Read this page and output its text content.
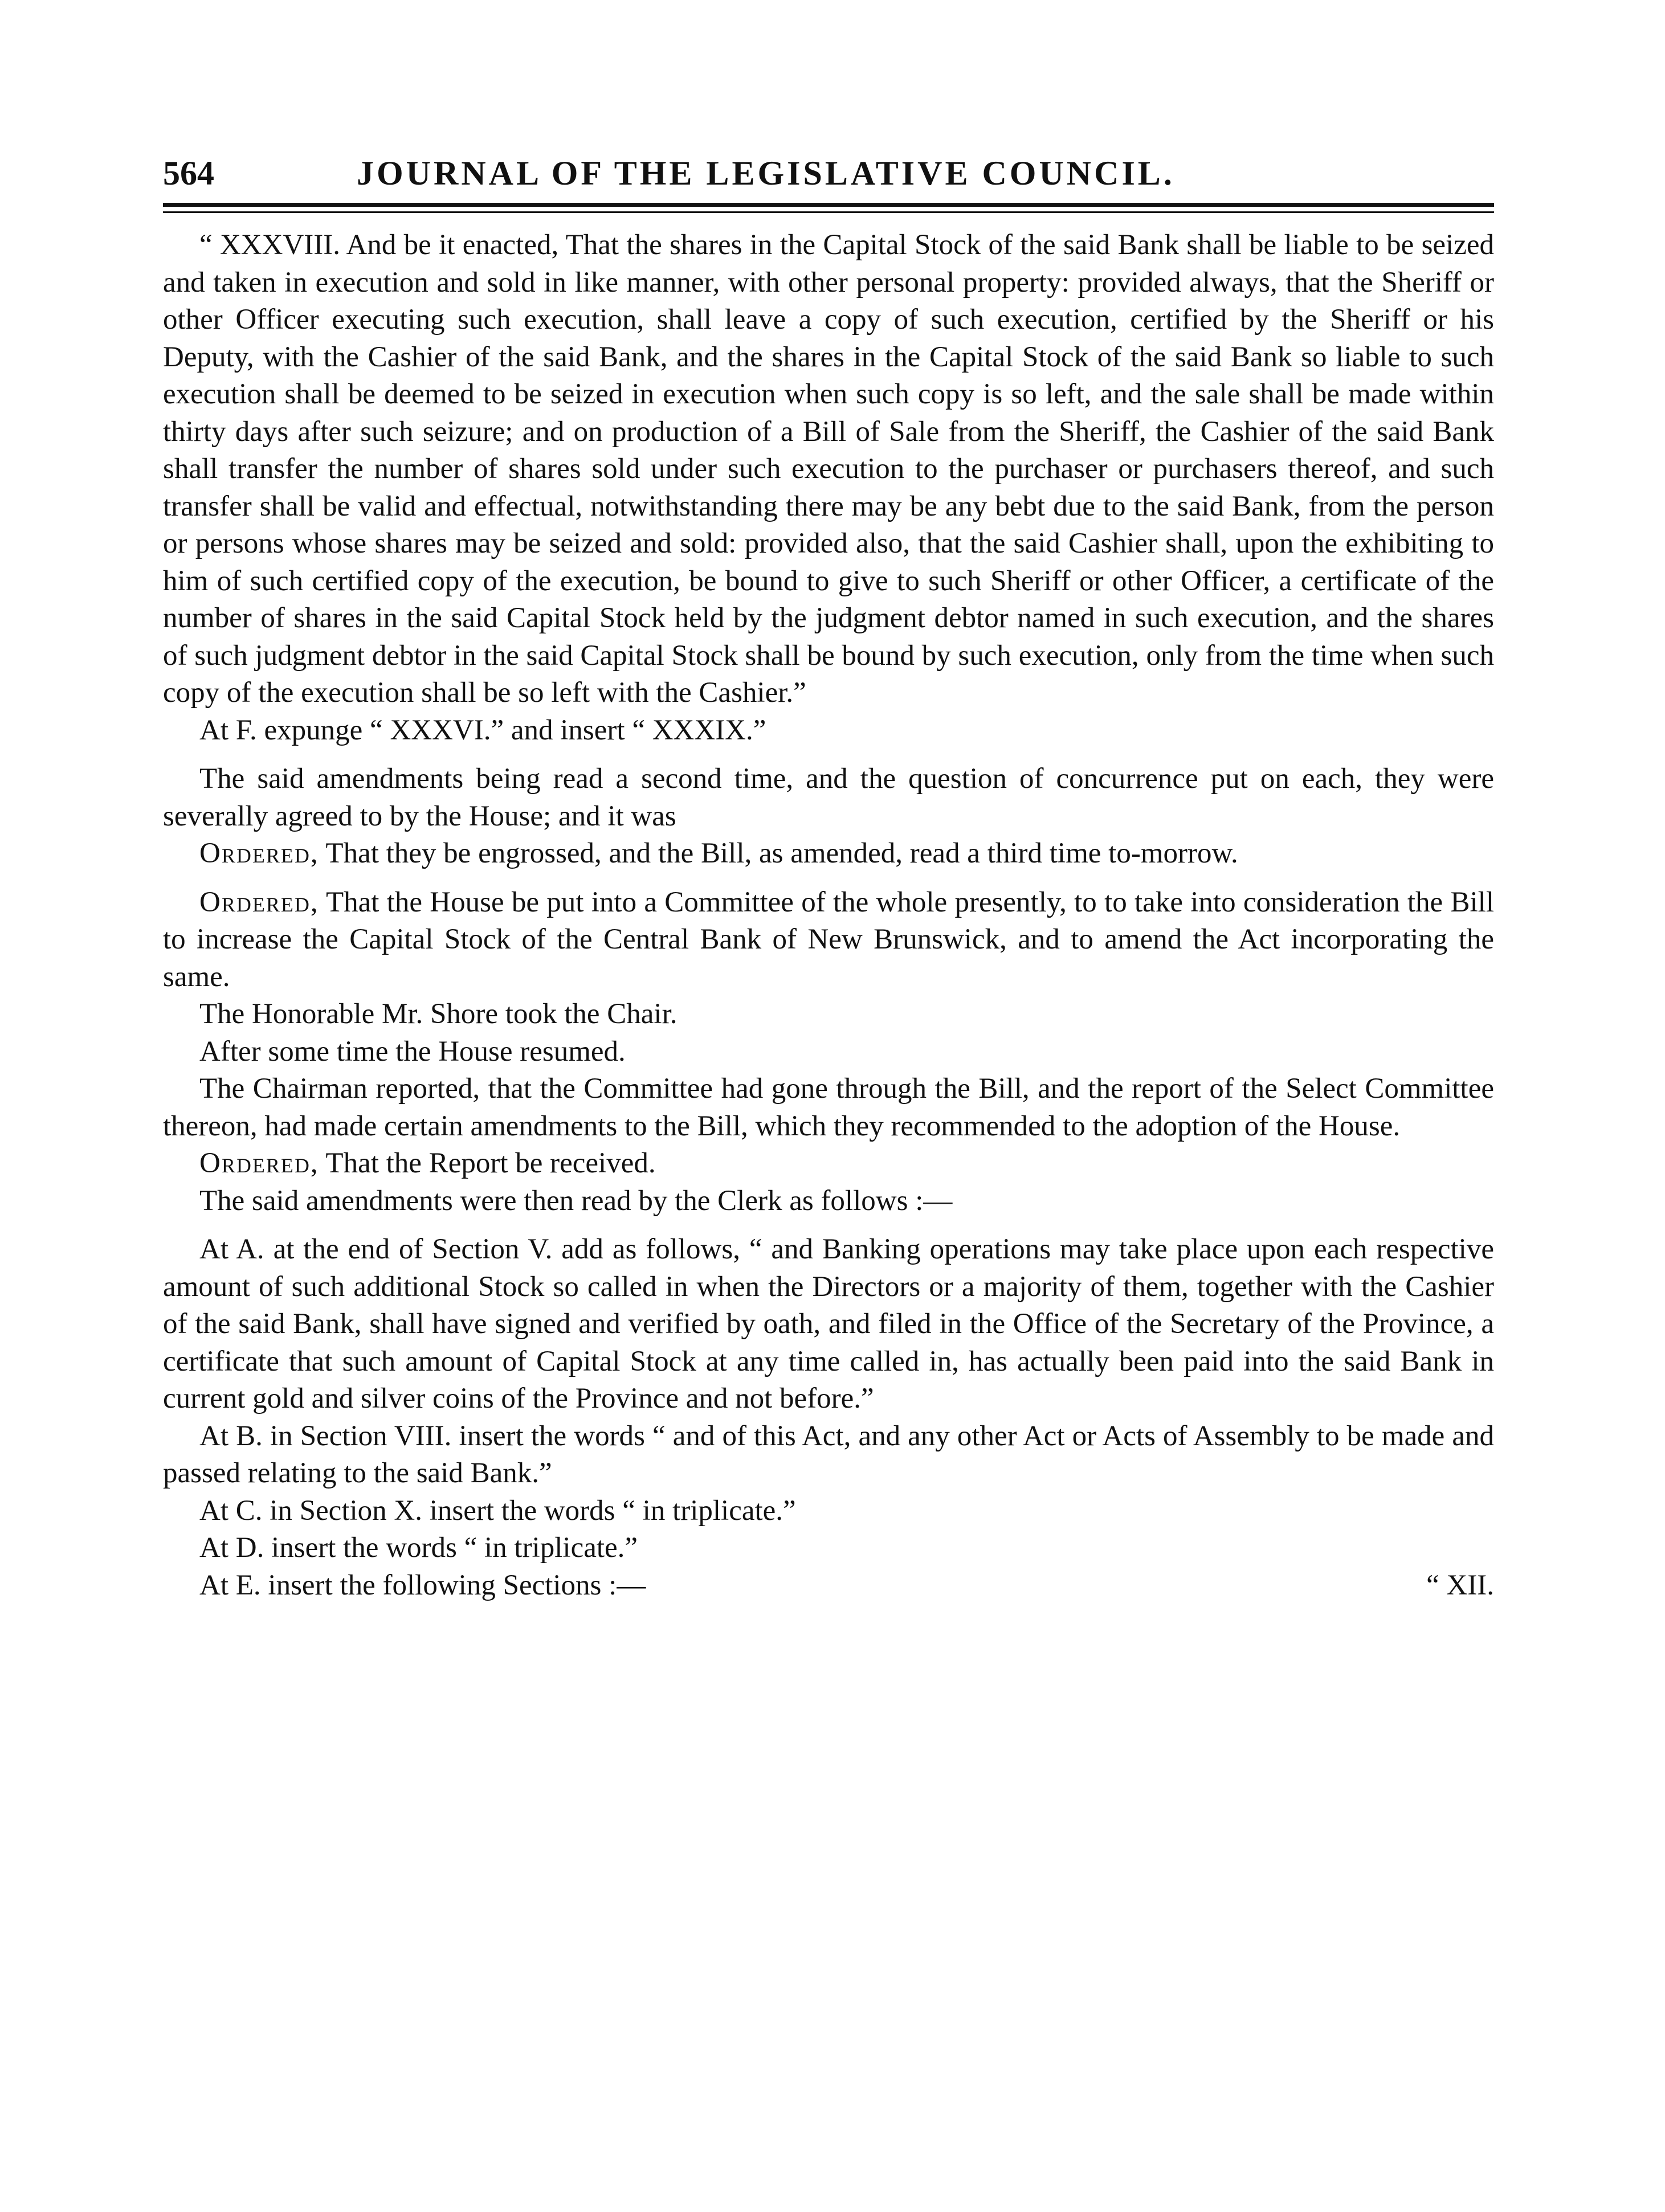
564	JOURNAL OF THE LEGISLATIVE COUNCIL.

“ XXXVIII. And be it enacted, That the shares in the Capital Stock of the said Bank shall be liable to be seized and taken in execution and sold in like manner, with other personal property: provided always, that the Sheriff or other Officer executing such execution, shall leave a copy of such execution, certified by the Sheriff or his Deputy, with the Cashier of the said Bank, and the shares in the Capital Stock of the said Bank so liable to such execution shall be deemed to be seized in execution when such copy is so left, and the sale shall be made within thirty days after such seizure; and on production of a Bill of Sale from the Sheriff, the Cashier of the said Bank shall transfer the number of shares sold under such execution to the purchaser or purchasers thereof, and such transfer shall be valid and effectual, notwithstanding there may be any bebt due to the said Bank, from the person or persons whose shares may be seized and sold: provided also, that the said Cashier shall, upon the exhibiting to him of such certified copy of the execution, be bound to give to such Sheriff or other Officer, a certificate of the number of shares in the said Capital Stock held by the judgment debtor named in such execution, and the shares of such judgment debtor in the said Capital Stock shall be bound by such execution, only from the time when such copy of the execution shall be so left with the Cashier.”

At F. expunge “ XXXVI.” and insert “ XXXIX.”

The said amendments being read a second time, and the question of concurrence put on each, they were severally agreed to by the House; and it was

Ordered, That they be engrossed, and the Bill, as amended, read a third time to-morrow.

Ordered, That the House be put into a Committee of the whole presently, to to take into consideration the Bill to increase the Capital Stock of the Central Bank of New Brunswick, and to amend the Act incorporating the same.

The Honorable Mr. Shore took the Chair.

After some time the House resumed.

The Chairman reported, that the Committee had gone through the Bill, and the report of the Select Committee thereon, had made certain amendments to the Bill, which they recommended to the adoption of the House.

Ordered, That the Report be received.

The said amendments were then read by the Clerk as follows :—

At A. at the end of Section V. add as follows, “ and Banking operations may take place upon each respective amount of such additional Stock so called in when the Directors or a majority of them, together with the Cashier of the said Bank, shall have signed and verified by oath, and filed in the Office of the Secretary of the Province, a certificate that such amount of Capital Stock at any time called in, has actually been paid into the said Bank in current gold and silver coins of the Province and not before.”

At B. in Section VIII. insert the words “ and of this Act, and any other Act or Acts of Assembly to be made and passed relating to the said Bank.”

At C. in Section X. insert the words “ in triplicate.”

At D. insert the words “ in triplicate.”

At E. insert the following Sections :—	“ XII.
